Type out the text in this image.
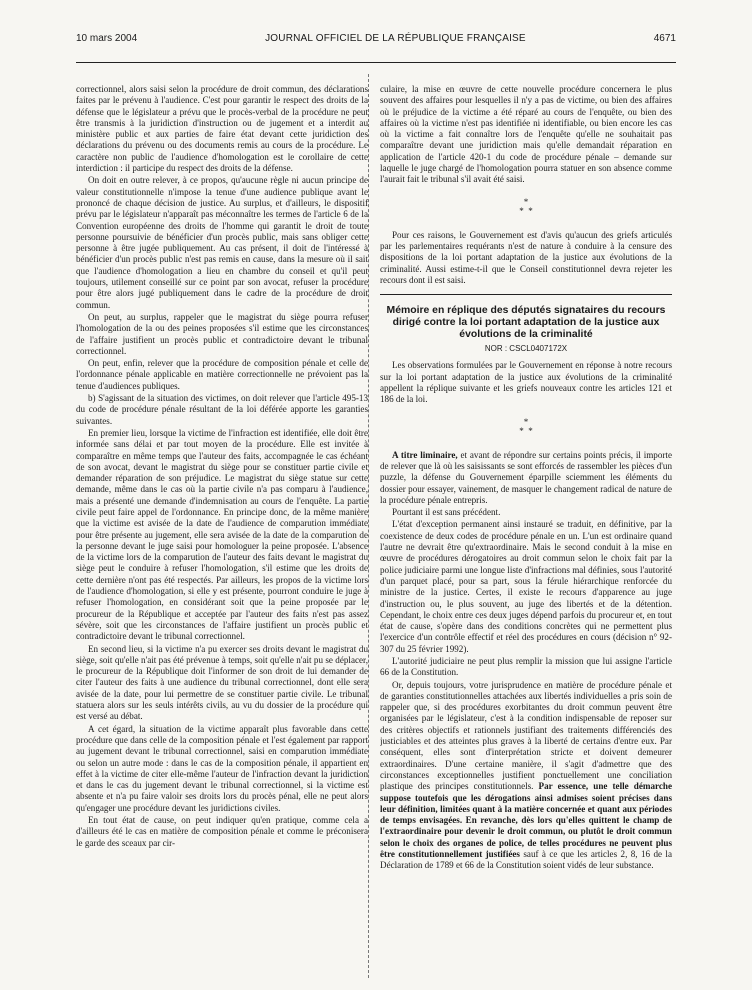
10 mars 2004	JOURNAL OFFICIEL DE LA RÉPUBLIQUE FRANÇAISE	4671

correctionnel, alors saisi selon la procédure de droit commun, des déclarations faites par le prévenu à l'audience. C'est pour garantir le respect des droits de la défense que le législateur a prévu que le procès-verbal de la procédure ne peut être transmis à la juridiction d'instruction ou de jugement et a interdit au ministère public et aux parties de faire état devant cette juridiction des déclarations du prévenu ou des documents remis au cours de la procédure. Le caractère non public de l'audience d'homologation est le corollaire de cette interdiction : il participe du respect des droits de la défense.

On doit en outre relever, à ce propos, qu'aucune règle ni aucun principe de valeur constitutionnelle n'impose la tenue d'une audience publique avant le prononcé de chaque décision de justice. Au surplus, et d'ailleurs, le dispositif prévu par le législateur n'apparaît pas méconnaître les termes de l'article 6 de la Convention européenne des droits de l'homme qui garantit le droit de toute personne poursuivie de bénéficier d'un procès public, mais sans obliger cette personne à être jugée publiquement. Au cas présent, il doit de l'intéressé à bénéficier d'un procès public n'est pas remis en cause, dans la mesure où il sait que l'audience d'homologation a lieu en chambre du conseil et qu'il peut toujours, utilement conseillé sur ce point par son avocat, refuser la procédure pour être alors jugé publiquement dans le cadre de la procédure de droit commun.

On peut, au surplus, rappeler que le magistrat du siège pourra refuser l'homologation de la ou des peines proposées s'il estime que les circonstances de l'affaire justifient un procès public et contradictoire devant le tribunal correctionnel.

On peut, enfin, relever que la procédure de composition pénale et celle de l'ordonnance pénale applicable en matière correctionnelle ne prévoient pas la tenue d'audiences publiques.

b) S'agissant de la situation des victimes, on doit relever que l'article 495-13 du code de procédure pénale résultant de la loi déférée apporte les garanties suivantes.

En premier lieu, lorsque la victime de l'infraction est identifiée, elle doit être informée sans délai et par tout moyen de la procédure. Elle est invitée à comparaître en même temps que l'auteur des faits, accompagnée le cas échéant de son avocat, devant le magistrat du siège pour se constituer partie civile et demander réparation de son préjudice. Le magistrat du siège statue sur cette demande, même dans le cas où la partie civile n'a pas comparu à l'audience, mais a présenté une demande d'indemnisation au cours de l'enquête. La partie civile peut faire appel de l'ordonnance. En principe donc, de la même manière que la victime est avisée de la date de l'audience de comparution immédiate pour être présente au jugement, elle sera avisée de la date de la comparution de la personne devant le juge saisi pour homologuer la peine proposée. L'absence de la victime lors de la comparution de l'auteur des faits devant le magistrat du siège peut le conduire à refuser l'homologation, s'il estime que les droits de cette dernière n'ont pas été respectés. Par ailleurs, les propos de la victime lors de l'audience d'homologation, si elle y est présente, pourront conduire le juge à refuser l'homologation, en considérant soit que la peine proposée par le procureur de la République et acceptée par l'auteur des faits n'est pas assez sévère, soit que les circonstances de l'affaire justifient un procès public et contradictoire devant le tribunal correctionnel.

En second lieu, si la victime n'a pu exercer ses droits devant le magistrat du siège, soit qu'elle n'ait pas été prévenue à temps, soit qu'elle n'ait pu se déplacer, le procureur de la République doit l'informer de son droit de lui demander de citer l'auteur des faits à une audience du tribunal correctionnel, dont elle sera avisée de la date, pour lui permettre de se constituer partie civile. Le tribunal statuera alors sur les seuls intérêts civils, au vu du dossier de la procédure qui est versé au débat.

A cet égard, la situation de la victime apparaît plus favorable dans cette procédure que dans celle de la composition pénale et l'est également par rapport au jugement devant le tribunal correctionnel, saisi en comparution immédiate ou selon un autre mode : dans le cas de la composition pénale, il appartient en effet à la victime de citer elle-même l'auteur de l'infraction devant la juridiction et dans le cas du jugement devant le tribunal correctionnel, si la victime est absente et n'a pu faire valoir ses droits lors du procès pénal, elle ne peut alors qu'engager une procédure devant les juridictions civiles.

En tout état de cause, on peut indiquer qu'en pratique, comme cela a d'ailleurs été le cas en matière de composition pénale et comme le préconisera le garde des sceaux par cir-

culaire, la mise en œuvre de cette nouvelle procédure concernera le plus souvent des affaires pour lesquelles il n'y a pas de victime, ou bien des affaires où le préjudice de la victime a été réparé au cours de l'enquête, ou bien des affaires où la victime n'est pas identifiée ni identifiable, ou bien encore les cas où la victime a fait connaître lors de l'enquête qu'elle ne souhaitait pas comparaître devant une juridiction mais qu'elle demandait réparation en application de l'article 420-1 du code de procédure pénale – demande sur laquelle le juge chargé de l'homologation pourra statuer en son absence comme l'aurait fait le tribunal s'il avait été saisi.

*
*  *

Pour ces raisons, le Gouvernement est d'avis qu'aucun des griefs articulés par les parlementaires requérants n'est de nature à conduire à la censure des dispositions de la loi portant adaptation de la justice aux évolutions de la criminalité. Aussi estime-t-il que le Conseil constitutionnel devra rejeter les recours dont il est saisi.

Mémoire en réplique des députés signataires du recours dirigé contre la loi portant adaptation de la justice aux évolutions de la criminalité
NOR : CSCL0407172X

Les observations formulées par le Gouvernement en réponse à notre recours sur la loi portant adaptation de la justice aux évolutions de la criminalité appellent la réplique suivante et les griefs nouveaux contre les articles 121 et 186 de la loi.

*
*  *

A titre liminaire, et avant de répondre sur certains points précis, il importe de relever que là où les saisissants se sont efforcés de rassembler les pièces d'un puzzle, la défense du Gouvernement éparpille sciemment les éléments du dossier pour essayer, vainement, de masquer le changement radical de nature de la procédure pénale entrepris.

Pourtant il est sans précédent.

L'état d'exception permanent ainsi instauré se traduit, en définitive, par la coexistence de deux codes de procédure pénale en un. L'un est ordinaire quand l'autre ne devrait être qu'extraordinaire. Mais le second conduit à la mise en œuvre de procédures dérogatoires au droit commun selon le choix fait par la police judiciaire parmi une longue liste d'infractions mal définies, sous l'autorité d'un parquet placé, pour sa part, sous la férule hiérarchique renforcée du ministre de la justice. Certes, il existe le recours d'apparence au juge d'instruction ou, le plus souvent, au juge des libertés et de la détention. Cependant, le choix entre ces deux juges dépend parfois du procureur et, en tout état de cause, s'opère dans des conditions concrètes qui ne permettent plus l'exercice d'un contrôle effectif et réel des procédures en cours (décision n° 92-307 du 25 février 1992).

L'autorité judiciaire ne peut plus remplir la mission que lui assigne l'article 66 de la Constitution.

Or, depuis toujours, votre jurisprudence en matière de procédure pénale et de garanties constitutionnelles attachées aux libertés individuelles a pris soin de rappeler que, si des procédures exorbitantes du droit commun peuvent être organisées par le législateur, c'est à la condition indispensable de reposer sur des critères objectifs et rationnels justifiant des traitements différenciés des justiciables et des atteintes plus graves à la liberté de certains d'entre eux. Par conséquent, elles sont d'interprétation stricte et doivent demeurer extraordinaires. D'une certaine manière, il s'agit d'admettre que des circonstances exceptionnelles justifient ponctuellement une conciliation plastique des principes constitutionnels. Par essence, une telle démarche suppose toutefois que les dérogations ainsi admises soient précises dans leur définition, limitées quant à la matière concernée et quant aux périodes de temps envisagées. En revanche, dès lors qu'elles quittent le champ de l'extraordinaire pour devenir le droit commun, ou plutôt le droit commun selon le choix des organes de police, de telles procédures ne peuvent plus être constitutionnellement justifiées sauf à ce que les articles 2, 8, 16 de la Déclaration de 1789 et 66 de la Constitution soient vidés de leur substance.
